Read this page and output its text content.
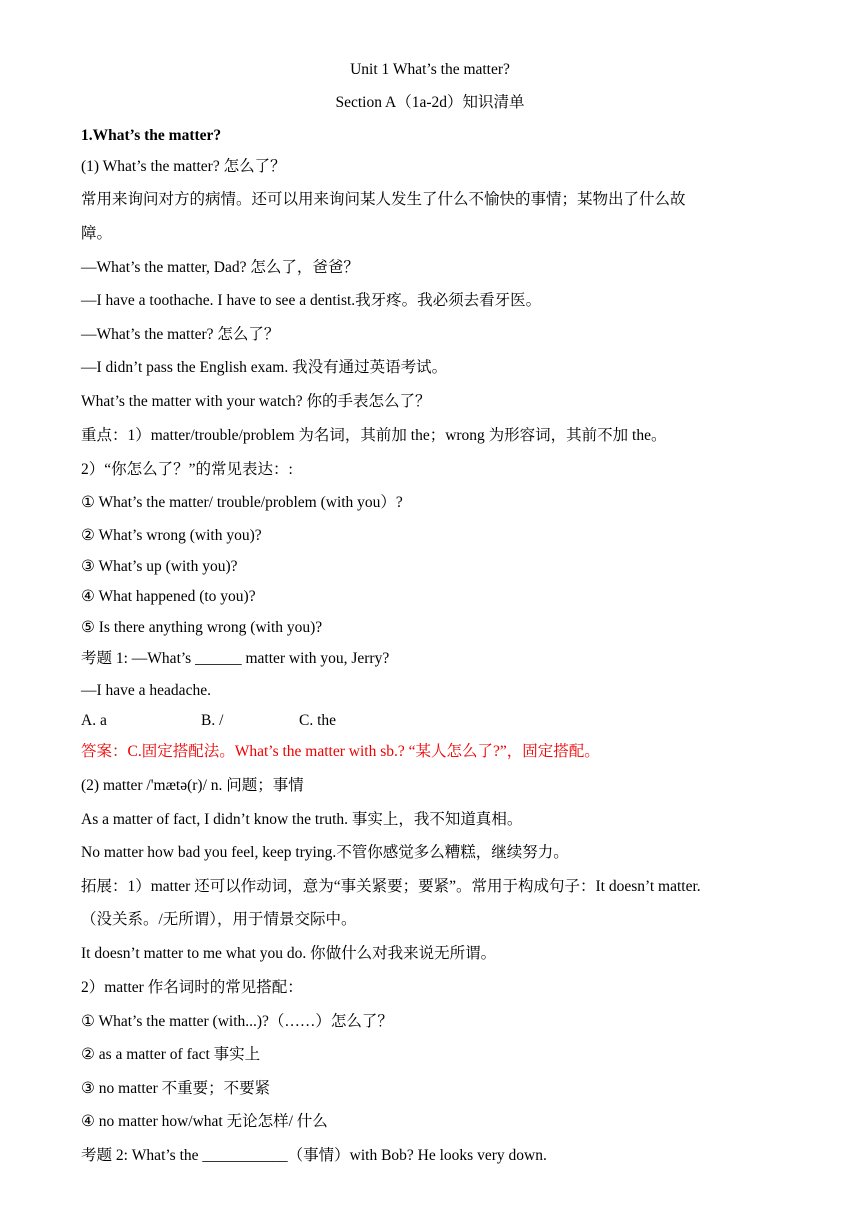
Unit 1 What’s the matter?
Section A（1a-2d）知识清单
1.What’s the matter?
(1) What’s the matter? 怎么了？
常用来询问对方的病情。还可以用来询问某人发生了什么不愉快的事情；某物出了什么故
障。
—What’s the matter, Dad? 怎么了，爸爸？
—I have a toothache. I have to see a dentist.我牙疼。我必须去看牙医。
—What’s the matter? 怎么了？
—I didn’t pass the English exam. 我没有通过英语考试。
What’s the matter with your watch? 你的手表怎么了？
重点：1）matter/trouble/problem 为名词，其前加 the；wrong 为形容词，其前不加 the。
2）“你怎么了？”的常见表达：:
① What’s the matter/ trouble/problem (with you）?
② What’s wrong (with you)?
③ What’s up (with you)?
④ What happened (to you)?
⑤ Is there anything wrong (with you)?
考题 1: —What’s ______ matter with you, Jerry?
—I have a headache.
A. a	B. /	C. the
答案：C.固定搭配法。What’s the matter with sb.? “某人怎么了?”，固定搭配。
(2) matter /'mætə(r)/ n. 问题；事情
As a matter of fact, I didn’t know the truth. 事实上，我不知道真相。
No matter how bad you feel, keep trying.不管你感觉多么糟糕，继续努力。
拓展：1）matter 还可以作动词，意为“事关紧要；要紧”。常用于构成句子：It doesn’t matter.
（没关系。/无所谓），用于情景交际中。
It doesn’t matter to me what you do. 你做什么对我来说无所谓。
2）matter 作名词时的常见搭配：
① What’s the matter (with...)?（……）怎么了？
② as a matter of fact 事实上
③ no matter 不重要；不要紧
④ no matter how/what 无论怎样/ 什么
考题 2: What’s the ___________（事情）with Bob? He looks very down.
